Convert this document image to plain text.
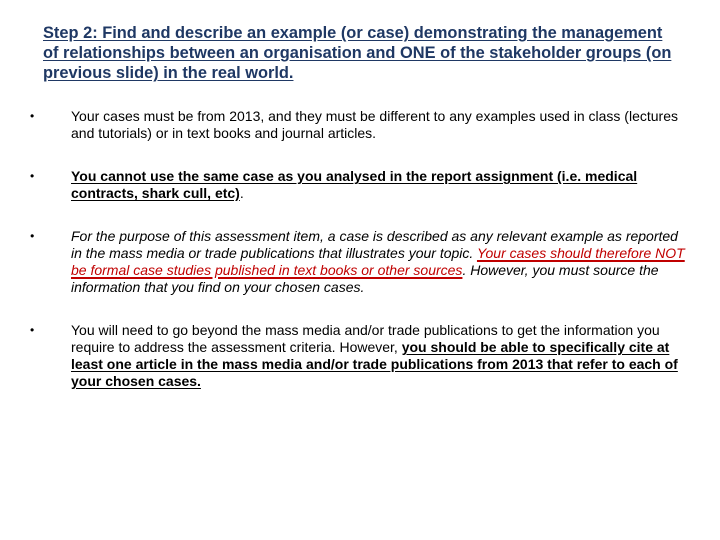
Step 2: Find and describe an example (or case) demonstrating the management of relationships between an organisation and ONE of the stakeholder groups (on previous slide) in the real world.
•	Your cases must be from 2013, and they must be different to any examples used in class (lectures and tutorials) or in text books and journal articles.
•	You cannot use the same case as you analysed in the report assignment (i.e. medical contracts, shark cull, etc).
•	For the purpose of this assessment item, a case is described as any relevant example as reported in the mass media or trade publications that illustrates your topic. Your cases should therefore NOT be formal case studies published in text books or other sources. However, you must source the information that you find on your chosen cases.
•	You will need to go beyond the mass media and/or trade publications to get the information you require to address the assessment criteria. However, you should be able to specifically cite at least one article in the mass media and/or trade publications from 2013 that refer to each of your chosen cases.
